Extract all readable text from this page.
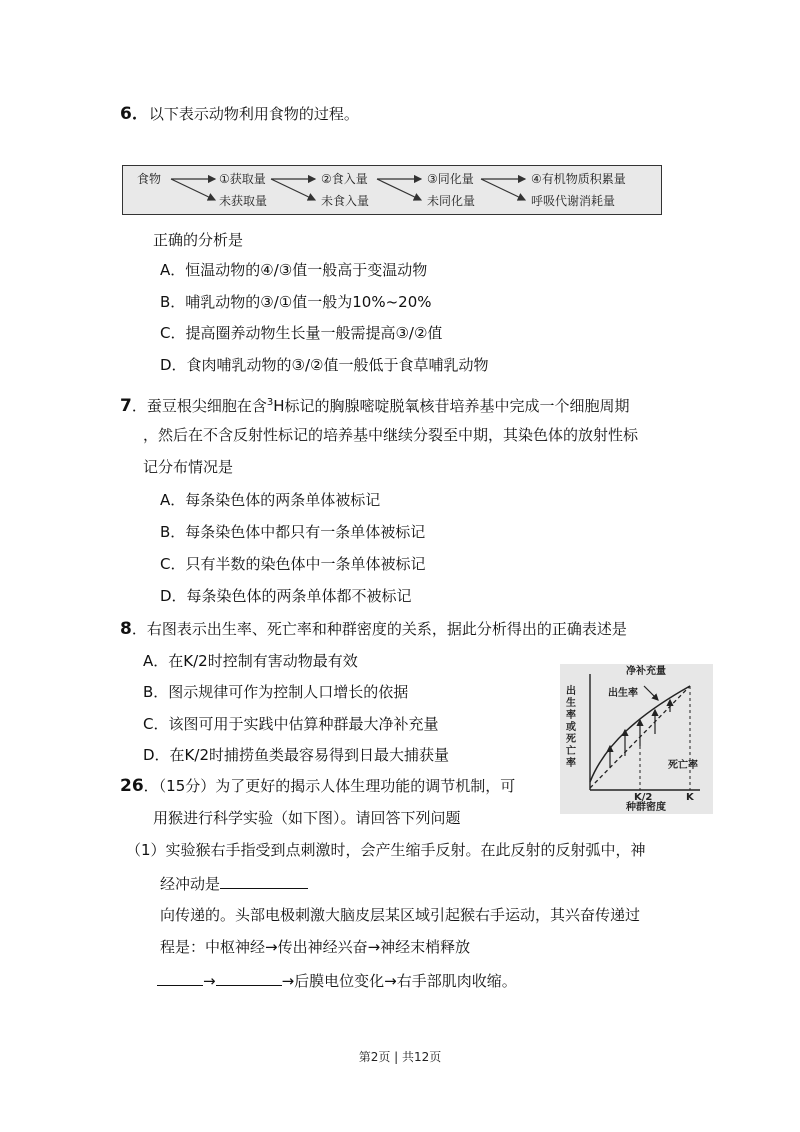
6．以下表示动物利用食物的过程。
食物	①获取量
未获取量
②食入量
未食入量
③同化量
未同化量
④有机物质积累量
呼吸代谢消耗量
正确的分析是
A．恒温动物的④/③值一般高于变温动物
B．哺乳动物的③/①值一般为10%~20%
C．提高圈养动物生长量一般需提高③/②值
D．食肉哺乳动物的③/②值一般低于食草哺乳动物
7．蚕豆根尖细胞在含$^3$H标记的胸腺嘧啶脱氧核苷培养基中完成一个细胞周期
，然后在不含反射性标记的培养基中继续分裂至中期，其染色体的放射性标
记分布情况是
A．每条染色体的两条单体被标记
B．每条染色体中都只有一条单体被标记
C．只有半数的染色体中一条单体被标记
D．每条染色体的两条单体都不被标记
8．右图表示出生率、死亡率和种群密度的关系，据此分析得出的正确表述是
A．在K/2时控制有害动物最有效
B．图示规律可作为控制人口增长的依据
C．该图可用于实践中估算种群最大净补充量
D．在K/2时捕捞鱼类最容易得到日最大捕获量
净补充量
出生率
死亡率
K/2	K
种群密度
出生率或死亡率
26．（15分）为了更好的揭示人体生理功能的调节机制，可
用猴进行科学实验（如下图）。请回答下列问题
（1）实验猴右手指受到点刺激时，会产生缩手反射。在此反射的反射弧中，神
经冲动是
向传递的。头部电极刺激大脑皮层某区域引起猴右手运动，其兴奋传递过
程是：中枢神经→传出神经兴奋→神经末梢释放
→	→后膜电位变化→右手部肌肉收缩。
第2页 | 共12页
